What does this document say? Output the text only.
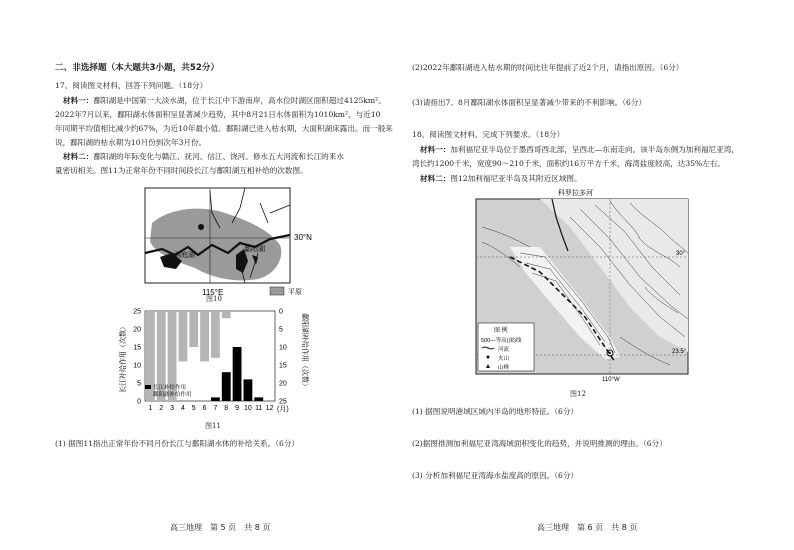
二、非选择题（本大题共3小题，共52分）
17、阅读图文材料，回答下列问题。（18分）
材料一：鄱阳湖是中国第一大淡水湖，位于长江中下游南岸，高水位时湖区面积超过4125km²。
2022年7月以来，鄱阳湖水体面积呈显著减少趋势，其中8月21日水体面积为1010km²，与近10
年同期平均值相比减少约67%，为近10年最小值。鄱阳湖已进入枯水期，大面积湖床露出。而一般来
说，鄱阳湖的枯水期为10月份到次年3月份。
材料二：鄱阳湖的年际变化与赣江、抚河、信江、饶河、修水五大河流和长江的来水
量密切相关。图11为正常年份不同时间段长江与鄱阳湖互相补给的次数图。
30°N
洞庭湖
鄱阳湖
115°E	平原
图10
长江补给作用（次数）	鄱阳湖补给作用（次数）
25
20
15
10
5
0
0
5
10
15
20
25
1 2 3 4 5 6 7 8 9 10 11 12 (月)
长江补给作用
鄱阳湖补给作用
图11
(1) 据图11指出正常年份不同月份长江与鄱阳湖水体的补给关系。（6分）
高三地理　第 5 页　共 8 页
(2)2022年鄱阳湖进入枯水期的时间比往年提前了近2个月，请指出原因。（6分）
(3)请指出7、8月鄱阳湖水体面积呈显著减少带来的不利影响。（6分）
18、阅读图文材料，完成下列要求。（18分）
材料一：加利福尼亚半岛位于墨西哥西北部，呈西北—东南走向。该半岛东侧为加利福尼亚湾，
湾长约1200千米，宽度90～210千米，面积约16万平方千米，海湾盐度较高，达35%左右。
材料二：图12加利福尼亚半岛及其附近区域图。
科罗拉多河
30°
23.5°
110°W
图 例
500—等高(深)线
河流
火山
山峰
图12
(1) 据图说明港域区域内半岛的地形特征。（6分）
(2)据图推测加利福尼亚湾海域面积变化的趋势，并说明推测的理由。（6分）
(3) 分析加利福尼亚湾海水盐度高的原因。（6分）
高三地理　第 6 页　共 8 页
